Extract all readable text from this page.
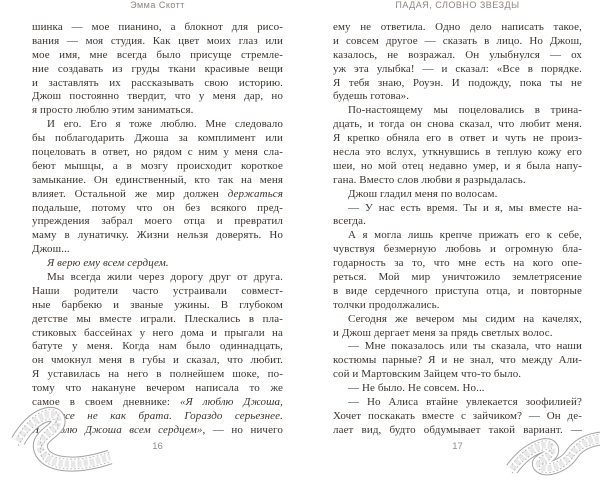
Эмма Скотт
шинка — мое пианино, а блокнот для рисо-
вания — моя студия. Как цвет моих глаз или
мое имя, мне всегда было присуще стремле-
ние создавать из груды ткани красивые вещи
и заставлять их рассказывать свою историю.
Джош постоянно твердит, что у меня дар, но
я просто люблю этим заниматься.
И его. Его я тоже люблю. Мне следовало
бы поблагодарить Джоша за комплимент или
поцеловать в ответ, но рядом с ним у меня сла-
беют мышцы, а в мозгу происходит короткое
замыкание. Он единственный, кто так на меня
влияет. Остальной же мир должен держаться
подальше, потому что он без всякого пред-
упреждения забрал моего отца и превратил
маму в лунатичку. Жизни нельзя доверять. Но
Джош...
Я верю ему всем сердцем.
Мы всегда жили через дорогу друг от друга.
Наши родители часто устраивали совмест-
ные барбекю и званые ужины. В глубоком
детстве мы вместе играли. Плескались в пла-
стиковых бассейнах у него дома и прыгали на
батуте у меня. Когда нам было одиннадцать,
он чмокнул меня в губы и сказал, что любит.
Я уставилась на него в полнейшем шоке, по-
тому что накануне вечером написала то же
самое в своем дневнике: «Я люблю Джоша,
и вовсе не как брата. Гораздо серьезнее.
Я люблю Джоша всем сердцем», — но ничего
16
ПАДАЯ, СЛОВНО ЗВЕЗДЫ
ему не ответила. Одно дело написать такое,
и совсем другое — сказать в лицо. Но Джош,
казалось, не возражал. Он улыбнулся — ох
уж эта улыбка! — и сказал: «Все в порядке.
Я тебя знаю, Роуэн. И подожду, пока ты не
будешь готова».
По-настоящему мы поцеловались в трина-
дцать, и тогда он снова сказал, что любит меня.
Я крепко обняла его в ответ и чуть не произ-
несла это вслух, уткнувшись в теплую кожу его
шеи, но мой отец недавно умер, и я была напу-
гана. Вместо слов любви я разрыдалась.
Джош гладил меня по волосам.
— У нас есть время. Ты и я, мы вместе на-
всегда.
А я могла лишь крепче прижать его к себе,
чувствуя безмерную любовь и огромную бла-
годарность за то, что мне есть на кого опе-
реться. Мой мир уничтожило землетрясение
в виде сердечного приступа отца, и повторные
толчки продолжались.
Сегодня же вечером мы сидим на качелях,
и Джош дергает меня за прядь светлых волос.
— Мне показалось или ты сказала, что наши
костюмы парные? Я и не знал, что между Али-
сой и Мартовским Зайцем что-то было.
— Не было. Не совсем. Но...
— Но Алиса втайне увлекается зоофилией?
Хочет поскакать вместе с зайчиком? — Он де-
лает вид, будто обдумывает такой вариант. —
17
